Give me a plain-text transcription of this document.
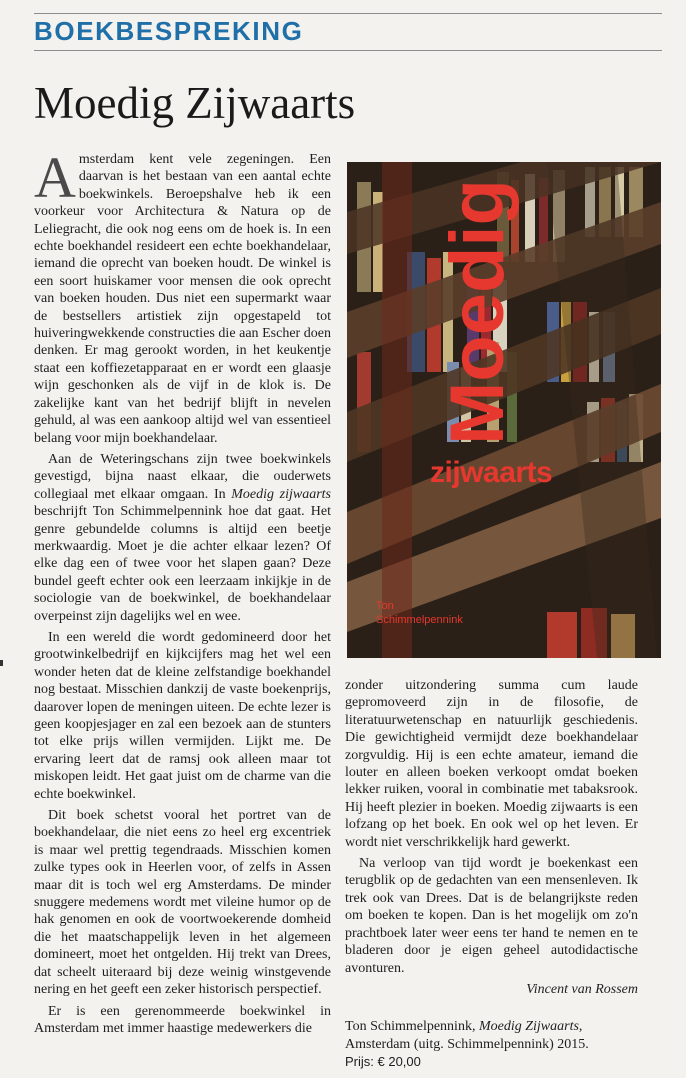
BOEKBESPREKING
Moedig Zijwaarts

Amsterdam kent vele zegeningen. Een daarvan is het bestaan van een aantal echte boekwinkels. Beroepshalve heb ik een voorkeur voor Architectura & Natura op de Leliegracht, die ook nog eens om de hoek is. In een echte boekhandel resideert een echte boekhandelaar, iemand die oprecht van boeken houdt. De winkel is een soort huiskamer voor mensen die ook oprecht van boeken houden. Dus niet een supermarkt waar de bestsellers artistiek zijn opgestapeld tot huiveringwekkende constructies die aan Escher doen denken. Er mag gerookt worden, in het keukentje staat een koffiezetapparaat en er wordt een glaasje wijn geschonken als de vijf in de klok is. De zakelijke kant van het bedrijf blijft in nevelen gehuld, al was een aankoop altijd wel van essentieel belang voor mijn boekhandelaar.

Aan de Weteringschans zijn twee boekwinkels gevestigd, bijna naast elkaar, die ouderwets collegiaal met elkaar omgaan. In Moedig zijwaarts beschrijft Ton Schimmelpennink hoe dat gaat. Het genre gebundelde columns is altijd een beetje merkwaardig. Moet je die achter elkaar lezen? Of elke dag een of twee voor het slapen gaan? Deze bundel geeft echter ook een leerzaam inkijkje in de sociologie van de boekwinkel, de boekhandelaar overpeinst zijn dagelijks wel en wee.

In een wereld die wordt gedomineerd door het grootwinkelbedrijf en kijkcijfers mag het wel een wonder heten dat de kleine zelfstandige boekhandel nog bestaat. Misschien dankzij de vaste boekenprijs, daarover lopen de meningen uiteen. De echte lezer is geen koopjesjager en zal een bezoek aan de stunters tot elke prijs willen vermijden. Lijkt me. De ervaring leert dat de ramsj ook alleen maar tot miskopen leidt. Het gaat juist om de charme van die echte boekwinkel.

Dit boek schetst vooral het portret van de boekhandelaar, die niet eens zo heel erg excentriek is maar wel prettig tegendraads. Misschien komen zulke types ook in Heerlen voor, of zelfs in Assen maar dit is toch wel erg Amsterdams. De minder snuggere medemens wordt met vileine humor op de hak genomen en ook de voortwoekerende domheid die het maatschappelijk leven in het algemeen domineert, moet het ontgelden. Hij trekt van Drees, dat scheelt uiteraard bij deze weinig winstgevende nering en het geeft een zeker historisch perspectief.

Er is een gerenommeerde boekwinkel in Amsterdam met immer haastige medewerkers die

Moedig
zijwaarts
Ton
Schimmelpennink

zonder uitzondering summa cum laude gepromoveerd zijn in de filosofie, de literatuurwetenschap en natuurlijk geschiedenis. Die gewichtigheid vermijdt deze boekhandelaar zorgvuldig. Hij is een echte amateur, iemand die louter en alleen boeken verkoopt omdat boeken lekker ruiken, vooral in combinatie met tabaksrook. Hij heeft plezier in boeken. Moedig zijwaarts is een lofzang op het boek. En ook wel op het leven. Er wordt niet verschrikkelijk hard gewerkt.

Na verloop van tijd wordt je boekenkast een terugblik op de gedachten van een mensenleven. Ik trek ook van Drees. Dat is de belangrijkste reden om boeken te kopen. Dan is het mogelijk om zo'n prachtboek later weer eens ter hand te nemen en te bladeren door je eigen geheel autodidactische avonturen.

Vincent van Rossem
Ton Schimmelpennink, Moedig Zijwaarts,
Amsterdam (uitg. Schimmelpennink) 2015.
Prijs: € 20,00
